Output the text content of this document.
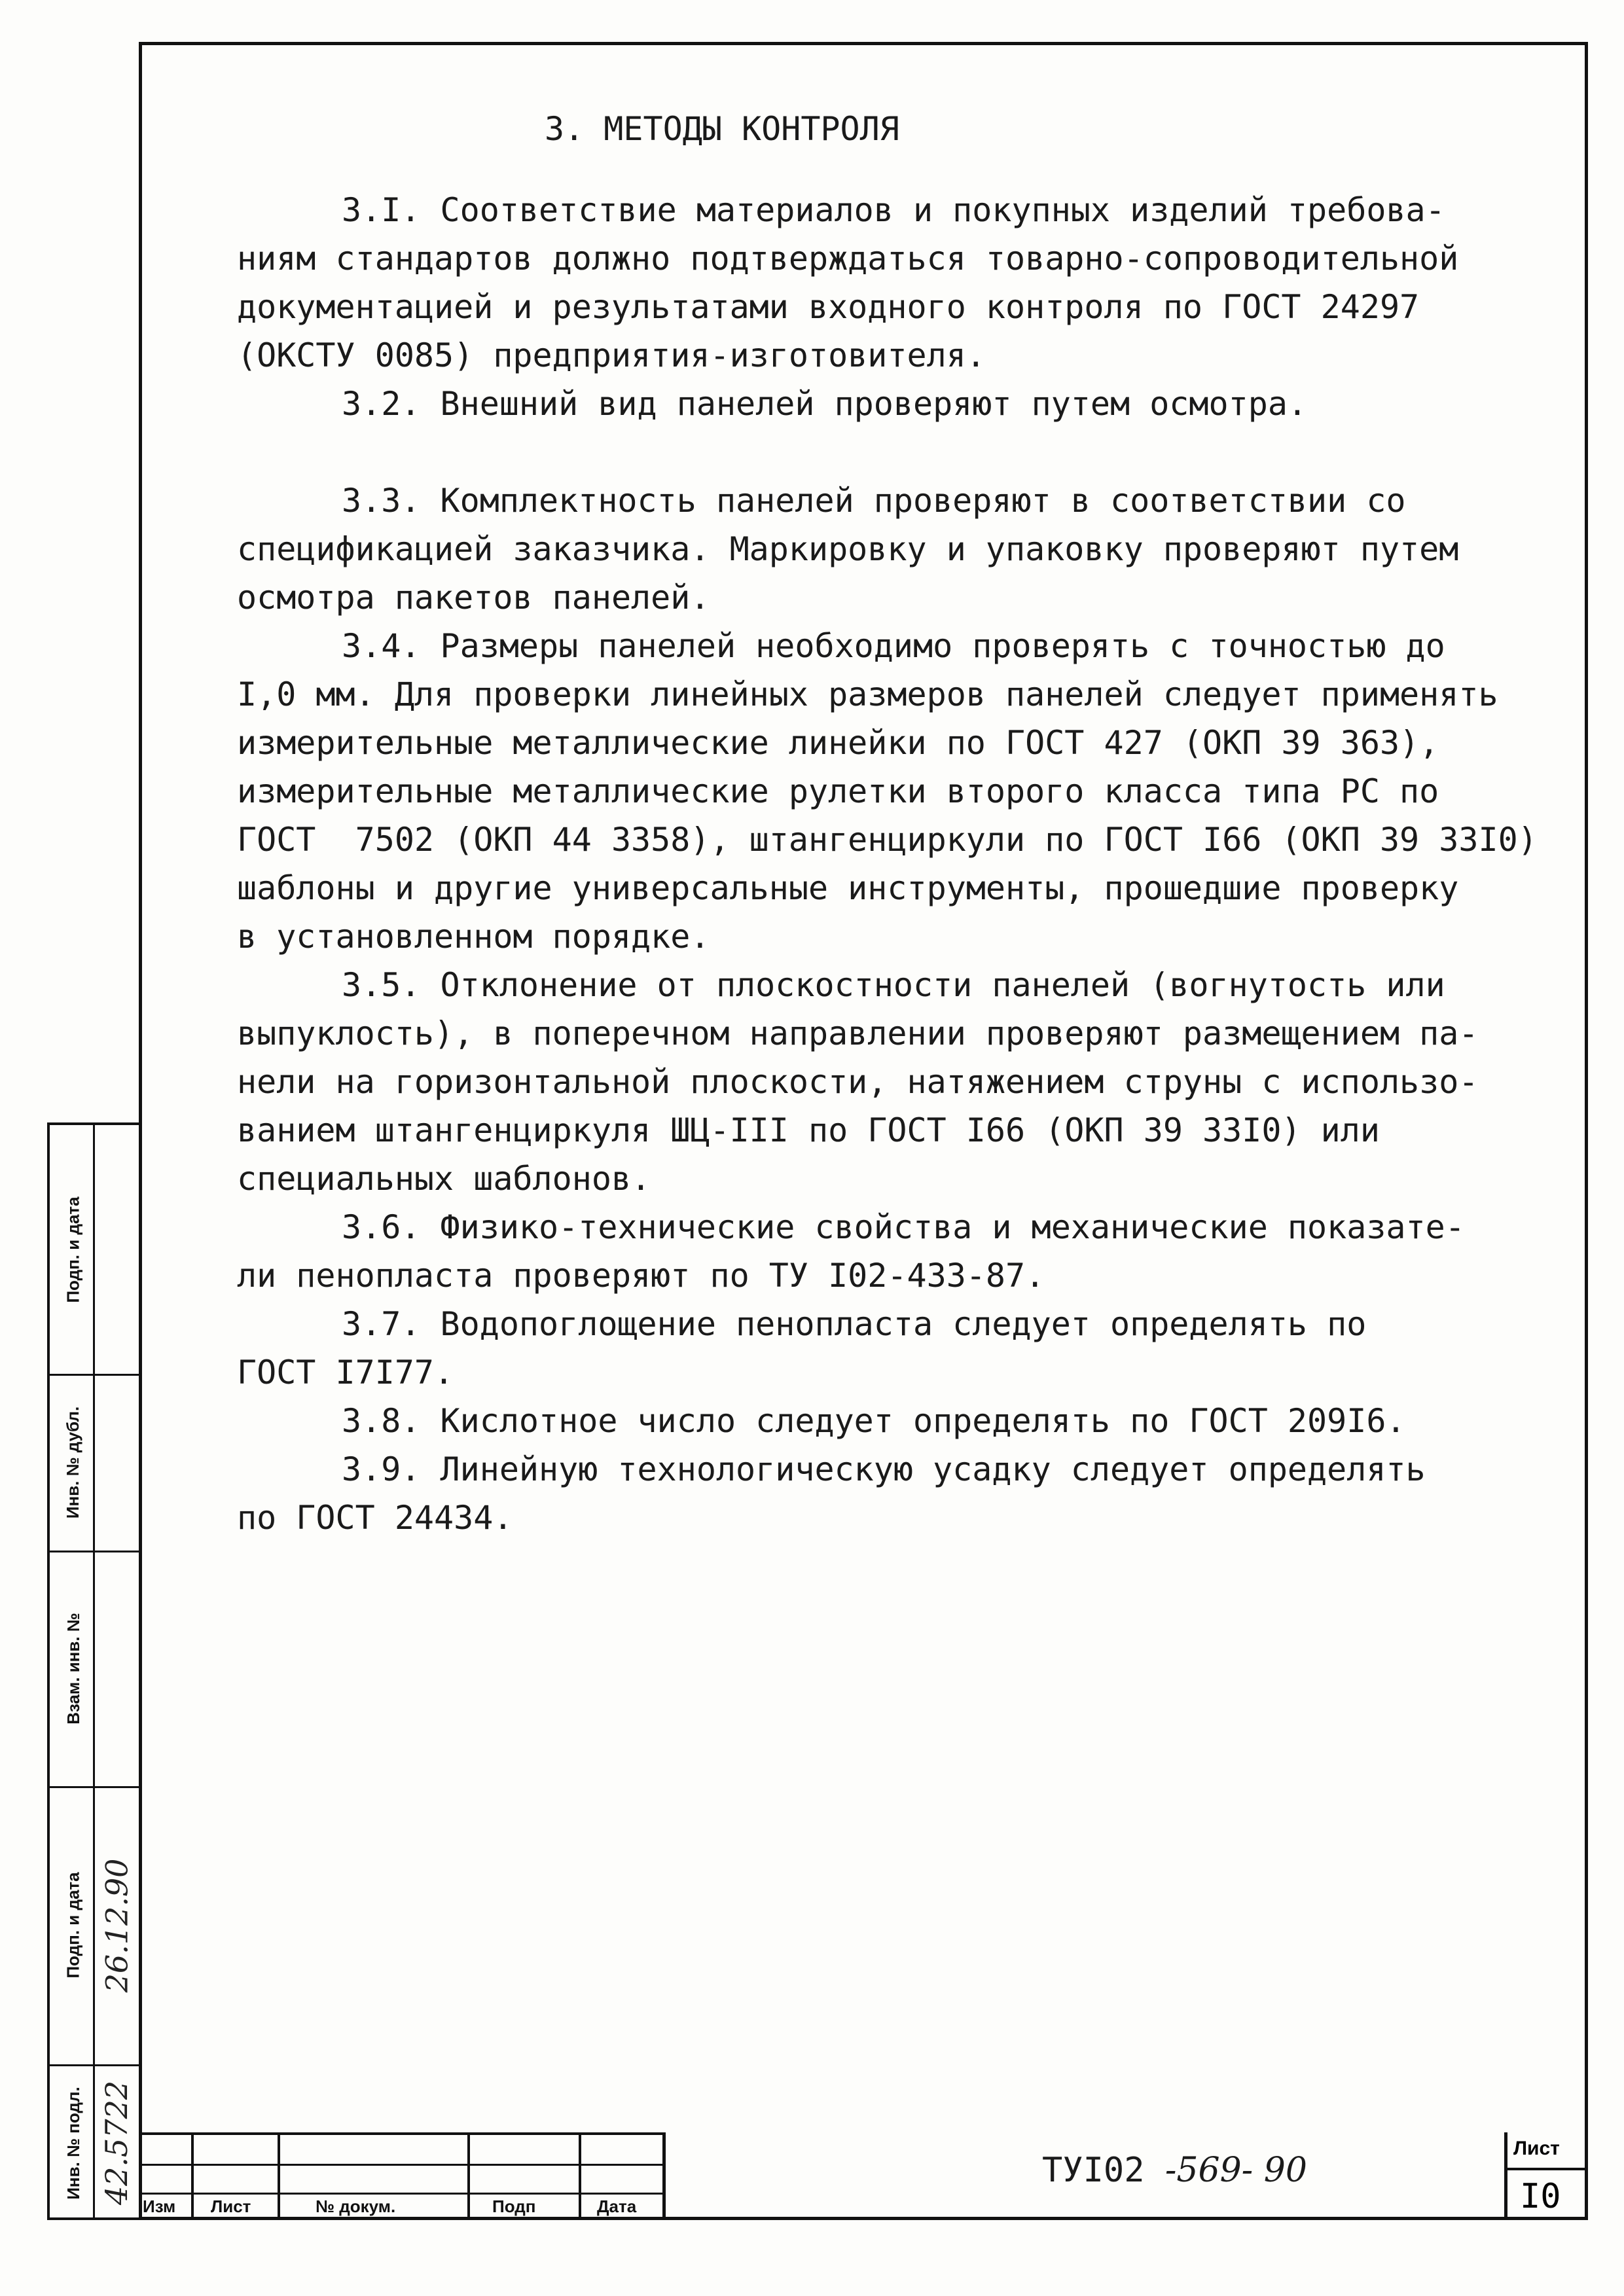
3. МЕТОДЫ КОНТРОЛЯ

3.I. Соответствие материалов и покупных изделий требова-

ниям стандартов должно подтверждаться товарно-сопроводительной
документацией и результатами входного контроля по ГОСТ 24297
(ОКСТУ 0085) предприятия-изготовителя.

3.2. Внешний вид панелей проверяют путем осмотра.

3.3. Комплектность панелей проверяют в соответствии со

спецификацией заказчика. Маркировку и упаковку проверяют путем
осмотра пакетов панелей.

3.4. Размеры панелей необходимо проверять с точностью до

I,0 мм. Для проверки линейных размеров панелей следует применять
измерительные металлические линейки по ГОСТ 427 (ОКП 39 363),
измерительные металлические рулетки второго класса типа РС по
ГОСТ  7502 (ОКП 44 3358), штангенциркули по ГОСТ I66 (ОКП 39 33I0)
шаблоны и другие универсальные инструменты, прошедшие проверку
в установленном порядке.

3.5. Отклонение от плоскостности панелей (вогнутость или

выпуклость), в поперечном направлении проверяют размещением па-
нели на горизонтальной плоскости, натяжением струны с использо-
ванием штангенциркуля ШЦ-III по ГОСТ I66 (ОКП 39 33I0) или
специальных шаблонов.

3.6. Физико-технические свойства и механические показате-

ли пенопласта проверяют по ТУ I02-433-87.

3.7. Водопоглощение пенопласта следует определять по

ГОСТ I7I77.

3.8. Кислотное число следует определять по ГОСТ 209I6.

3.9. Линейную технологическую усадку следует определять

по ГОСТ 24434.
Подп. и дата
Инв. № дубл.
Взам. инв. №
Подп. и дата
Инв. № подл.
26.12.90
42.5722
Изм Лист	№ докум.	Подп	Дата
ТУI02 -569- 90
Лист
I0
